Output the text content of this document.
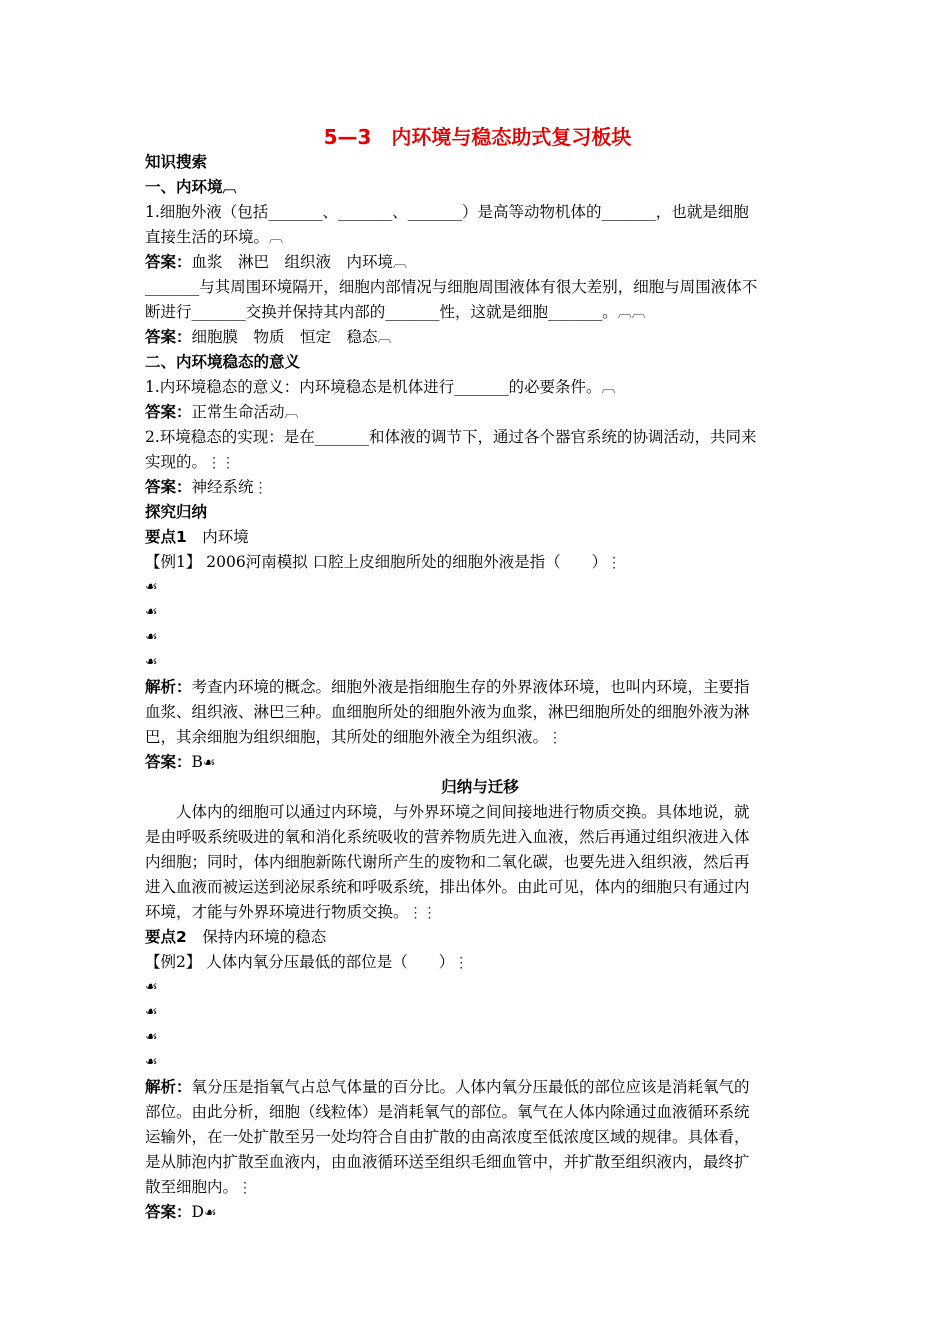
5—3　内环境与稳态助式复习板块
知识搜索
一、内环境︹
1.细胞外液（包括_______、_______、_______）是高等动物机体的_______，也就是细胞
直接生活的环境。︹
答案：血浆　淋巴　组织液　内环境︹
_______与其周围环境隔开，细胞内部情况与细胞周围液体有很大差别，细胞与周围液体不
断进行_______交换并保持其内部的_______性，这就是细胞_______。︹︹
答案：细胞膜　物质　恒定　稳态︹
二、内环境稳态的意义
1.内环境稳态的意义：内环境稳态是机体进行_______的必要条件。︹
答案：正常生命活动︹
2.环境稳态的实现：是在_______和体液的调节下，通过各个器官系统的协调活动，共同来
实现的。⋮⋮
答案：神经系统⋮
探究归纳
要点1　内环境
【例1】 2006河南模拟 口腔上皮细胞所处的细胞外液是指（　　）⋮
☙
☙
☙
☙
解析：考查内环境的概念。细胞外液是指细胞生存的外界液体环境，也叫内环境，主要指
血浆、组织液、淋巴三种。血细胞所处的细胞外液为血浆，淋巴细胞所处的细胞外液为淋
巴，其余细胞为组织细胞，其所处的细胞外液全为组织液。⋮
答案：B☙
归纳与迁移
人体内的细胞可以通过内环境，与外界环境之间间接地进行物质交换。具体地说，就
是由呼吸系统吸进的氧和消化系统吸收的营养物质先进入血液，然后再通过组织液进入体
内细胞；同时，体内细胞新陈代谢所产生的废物和二氧化碳，也要先进入组织液，然后再
进入血液而被运送到泌尿系统和呼吸系统，排出体外。由此可见，体内的细胞只有通过内
环境，才能与外界环境进行物质交换。⋮⋮
要点2　保持内环境的稳态
【例2】 人体内氧分压最低的部位是（　　）⋮
☙
☙
☙
☙
解析：氧分压是指氧气占总气体量的百分比。人体内氧分压最低的部位应该是消耗氧气的
部位。由此分析，细胞（线粒体）是消耗氧气的部位。氧气在人体内除通过血液循环系统
运输外，在一处扩散至另一处均符合自由扩散的由高浓度至低浓度区域的规律。具体看，
是从肺泡内扩散至血液内，由血液循环送至组织毛细血管中，并扩散至组织液内，最终扩
散至细胞内。⋮
答案：D☙
